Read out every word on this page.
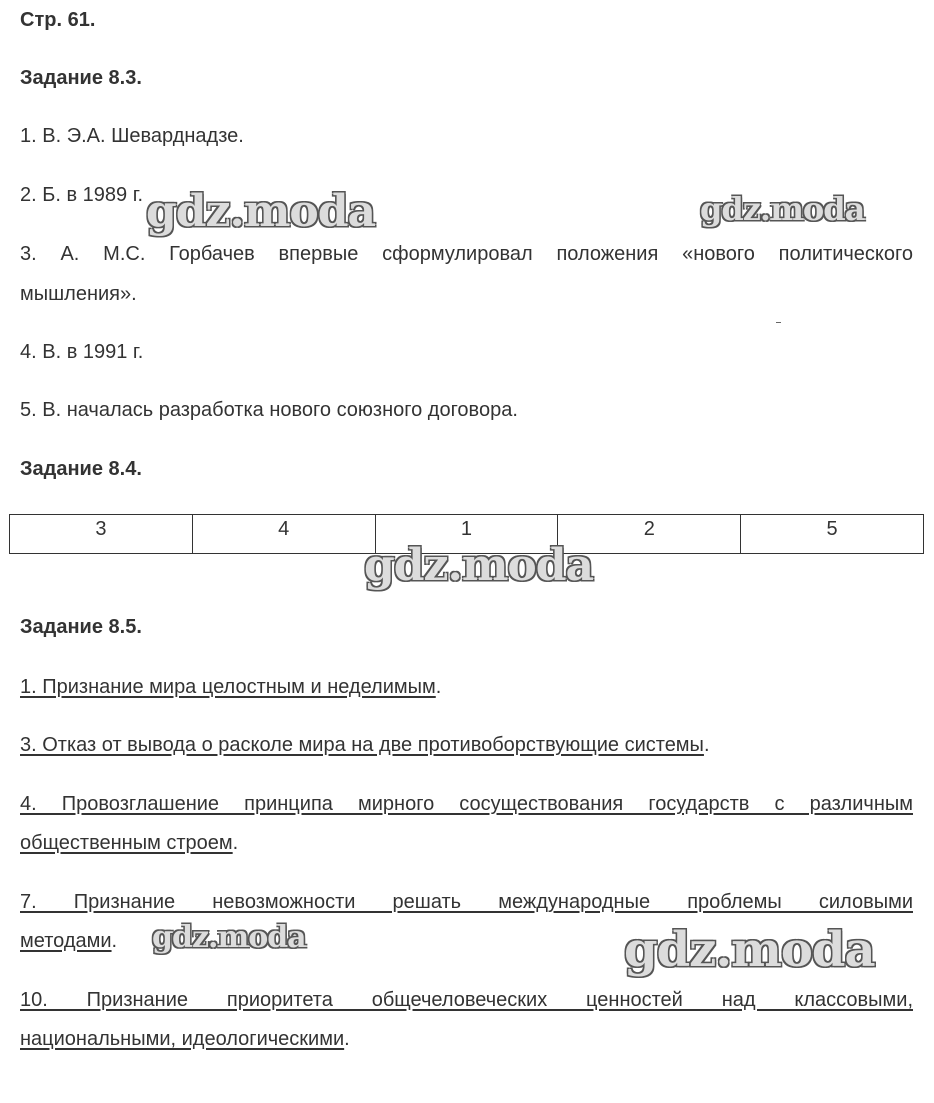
Стр. 61.
Задание 8.3.
1. В. Э.А. Шеварднадзе.
2. Б. в 1989 г.
3. А. М.С. Горбачев впервые сформулировал положения «нового политического
мышления».
4. В. в 1991 г.
5. В. началась разработка нового союзного договора.
Задание 8.4.
3	4	1	2	5
Задание 8.5.
1. Признание мира целостным и неделимым.
3. Отказ от вывода о расколе мира на две противоборствующие системы.
4. Провозглашение принципа мирного сосуществования государств с различным
общественным строем.
7. Признание невозможности решать международные проблемы силовыми
методами.
10. Признание приоритета общечеловеческих ценностей над классовыми,
национальными, идеологическими.
gdz.moda	gdz.moda
gdz.moda
gdz.moda	gdz.moda
